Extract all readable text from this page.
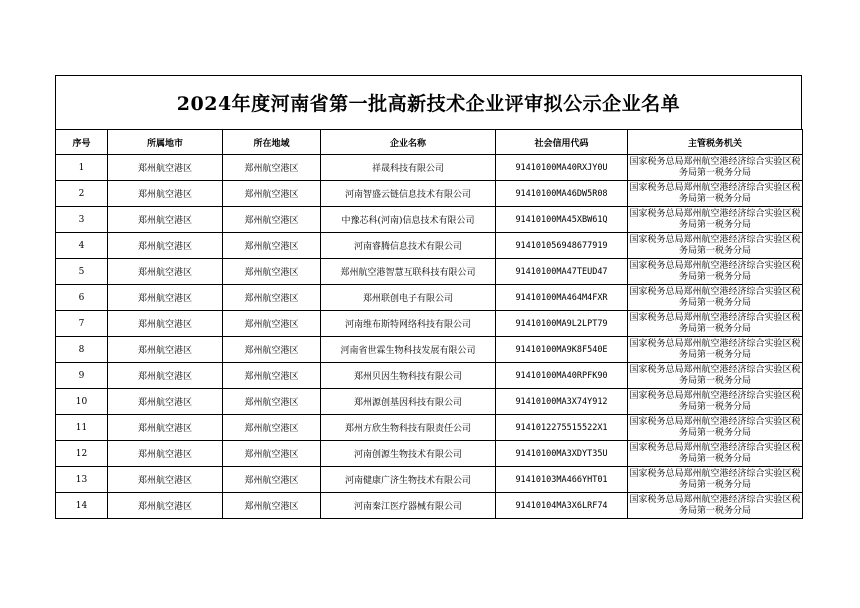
2024年度河南省第一批高新技术企业评审拟公示企业名单
序号	所属地市	所在地域	企业名称	社会信用代码	主管税务机关
1	郑州航空港区	郑州航空港区	祥晟科技有限公司	91410100MA40RXJY0U	国家税务总局郑州航空港经济综合实验区税务局第一税务分局
2	郑州航空港区	郑州航空港区	河南智盛云链信息技术有限公司	91410100MA46DW5R08	国家税务总局郑州航空港经济综合实验区税务局第一税务分局
3	郑州航空港区	郑州航空港区	中豫芯科(河南)信息技术有限公司	91410100MA45XBW61Q	国家税务总局郑州航空港经济综合实验区税务局第一税务分局
4	郑州航空港区	郑州航空港区	河南睿腾信息技术有限公司	914101056948677919	国家税务总局郑州航空港经济综合实验区税务局第一税务分局
5	郑州航空港区	郑州航空港区	郑州航空港智慧互联科技有限公司	91410100MA47TEUD47	国家税务总局郑州航空港经济综合实验区税务局第一税务分局
6	郑州航空港区	郑州航空港区	郑州联创电子有限公司	91410100MA464M4FXR	国家税务总局郑州航空港经济综合实验区税务局第一税务分局
7	郑州航空港区	郑州航空港区	河南维布斯特网络科技有限公司	91410100MA9L2LPT79	国家税务总局郑州航空港经济综合实验区税务局第一税务分局
8	郑州航空港区	郑州航空港区	河南省世霖生物科技发展有限公司	91410100MA9K8F540E	国家税务总局郑州航空港经济综合实验区税务局第一税务分局
9	郑州航空港区	郑州航空港区	郑州贝因生物科技有限公司	91410100MA40RPFK90	国家税务总局郑州航空港经济综合实验区税务局第一税务分局
10	郑州航空港区	郑州航空港区	郑州源创基因科技有限公司	91410100MA3X74Y912	国家税务总局郑州航空港经济综合实验区税务局第一税务分局
11	郑州航空港区	郑州航空港区	郑州方欣生物科技有限责任公司	9141012275515522X1	国家税务总局郑州航空港经济综合实验区税务局第一税务分局
12	郑州航空港区	郑州航空港区	河南创源生物技术有限公司	91410100MA3XDYT35U	国家税务总局郑州航空港经济综合实验区税务局第一税务分局
13	郑州航空港区	郑州航空港区	河南健康广济生物技术有限公司	91410103MA466YHT01	国家税务总局郑州航空港经济综合实验区税务局第一税务分局
14	郑州航空港区	郑州航空港区	河南秦江医疗器械有限公司	91410104MA3X6LRF74	国家税务总局郑州航空港经济综合实验区税务局第一税务分局
